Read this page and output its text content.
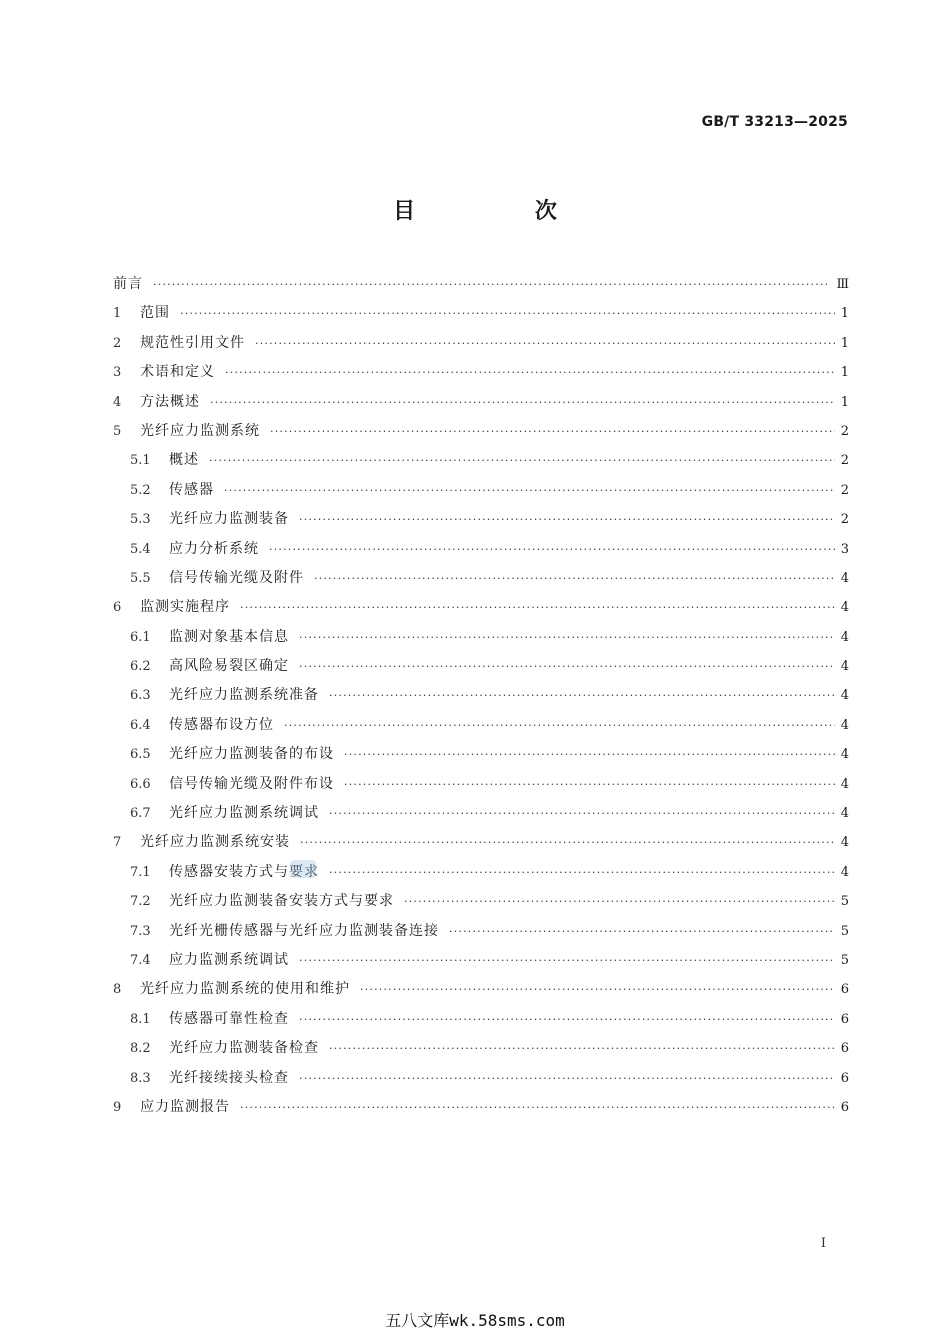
GB/T 33213—2025
目 次
前言 ·····	Ⅲ
1	范围 ·····	1
2	规范性引用文件 ·····	1
3	术语和定义 ·····	1
4	方法概述 ·····	1
5	光纤应力监测系统 ·····	2
5.1	概述 ·····	2
5.2	传感器 ·····	2
5.3	光纤应力监测装备 ·····	2
5.4	应力分析系统 ·····	3
5.5	信号传输光缆及附件 ·····	4
6	监测实施程序 ·····	4
6.1	监测对象基本信息 ·····	4
6.2	高风险易裂区确定 ·····	4
6.3	光纤应力监测系统准备 ·····	4
6.4	传感器布设方位 ·····	4
6.5	光纤应力监测装备的布设 ·····	4
6.6	信号传输光缆及附件布设 ·····	4
6.7	光纤应力监测系统调试 ·····	4
7	光纤应力监测系统安装 ·····	4
7.1	传感器安装方式与要求 ·····	4
7.2	光纤应力监测装备安装方式与要求 ·····	5
7.3	光纤光栅传感器与光纤应力监测装备连接 ·····	5
7.4	应力监测系统调试 ·····	5
8	光纤应力监测系统的使用和维护 ·····	6
8.1	传感器可靠性检查 ·····	6
8.2	光纤应力监测装备检查 ·····	6
8.3	光纤接续接头检查 ·····	6
9	应力监测报告 ·····	6
I
五八文库wk.58sms.com
